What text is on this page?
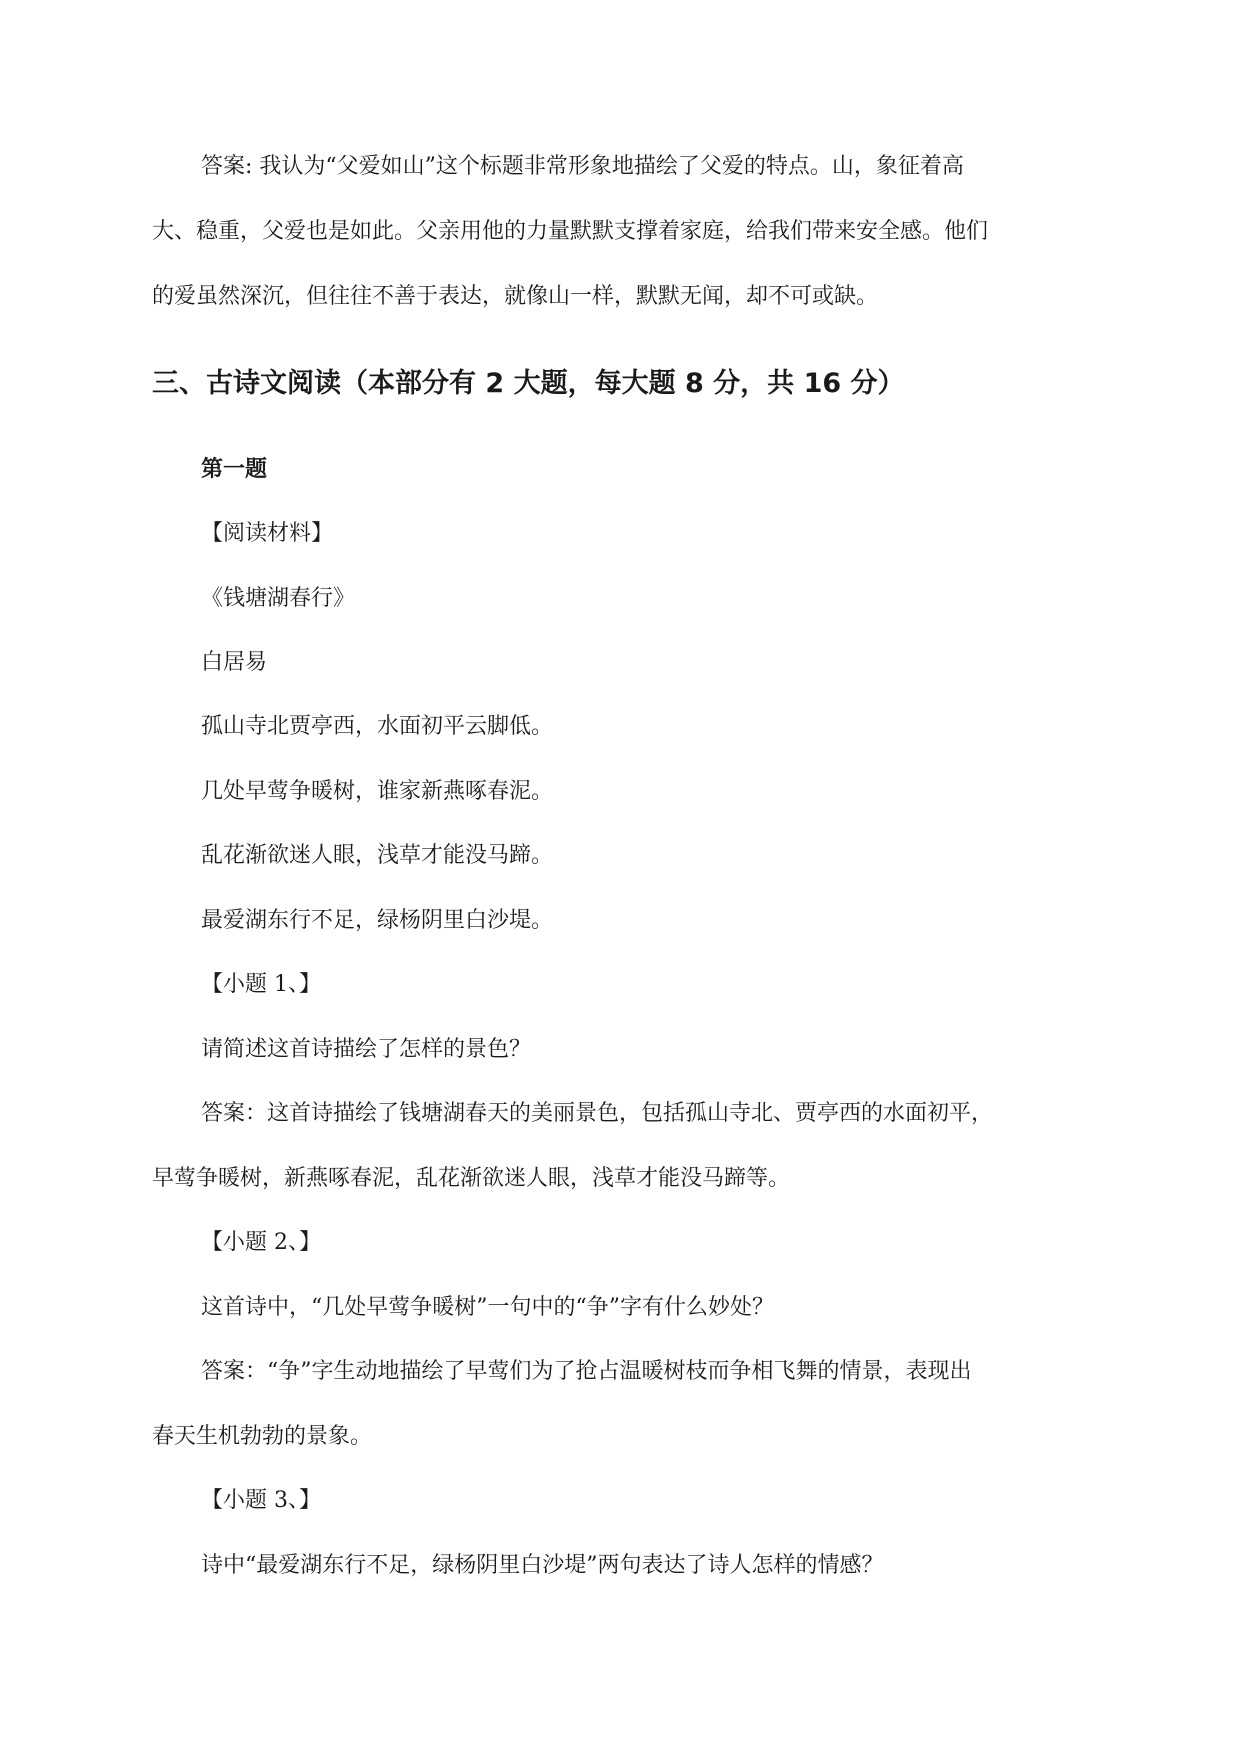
答案: 我认为“父爱如山”这个标题非常形象地描绘了父爱的特点。山，象征着高

大、稳重，父爱也是如此。父亲用他的力量默默支撑着家庭，给我们带来安全感。他们

的爱虽然深沉，但往往不善于表达，就像山一样，默默无闻，却不可或缺。

三、古诗文阅读（本部分有 2 大题，每大题 8 分，共 16 分）

第一题

【阅读材料】

《钱塘湖春行》

白居易

孤山寺北贾亭西，水面初平云脚低。

几处早莺争暖树，谁家新燕啄春泥。

乱花渐欲迷人眼，浅草才能没马蹄。

最爱湖东行不足，绿杨阴里白沙堤。

【小题 1、】

请简述这首诗描绘了怎样的景色？

答案：这首诗描绘了钱塘湖春天的美丽景色，包括孤山寺北、贾亭西的水面初平，

早莺争暖树，新燕啄春泥，乱花渐欲迷人眼，浅草才能没马蹄等。

【小题 2、】

这首诗中，“几处早莺争暖树”一句中的“争”字有什么妙处？

答案：“争”字生动地描绘了早莺们为了抢占温暖树枝而争相飞舞的情景，表现出

春天生机勃勃的景象。

【小题 3、】

诗中“最爱湖东行不足，绿杨阴里白沙堤”两句表达了诗人怎样的情感？
